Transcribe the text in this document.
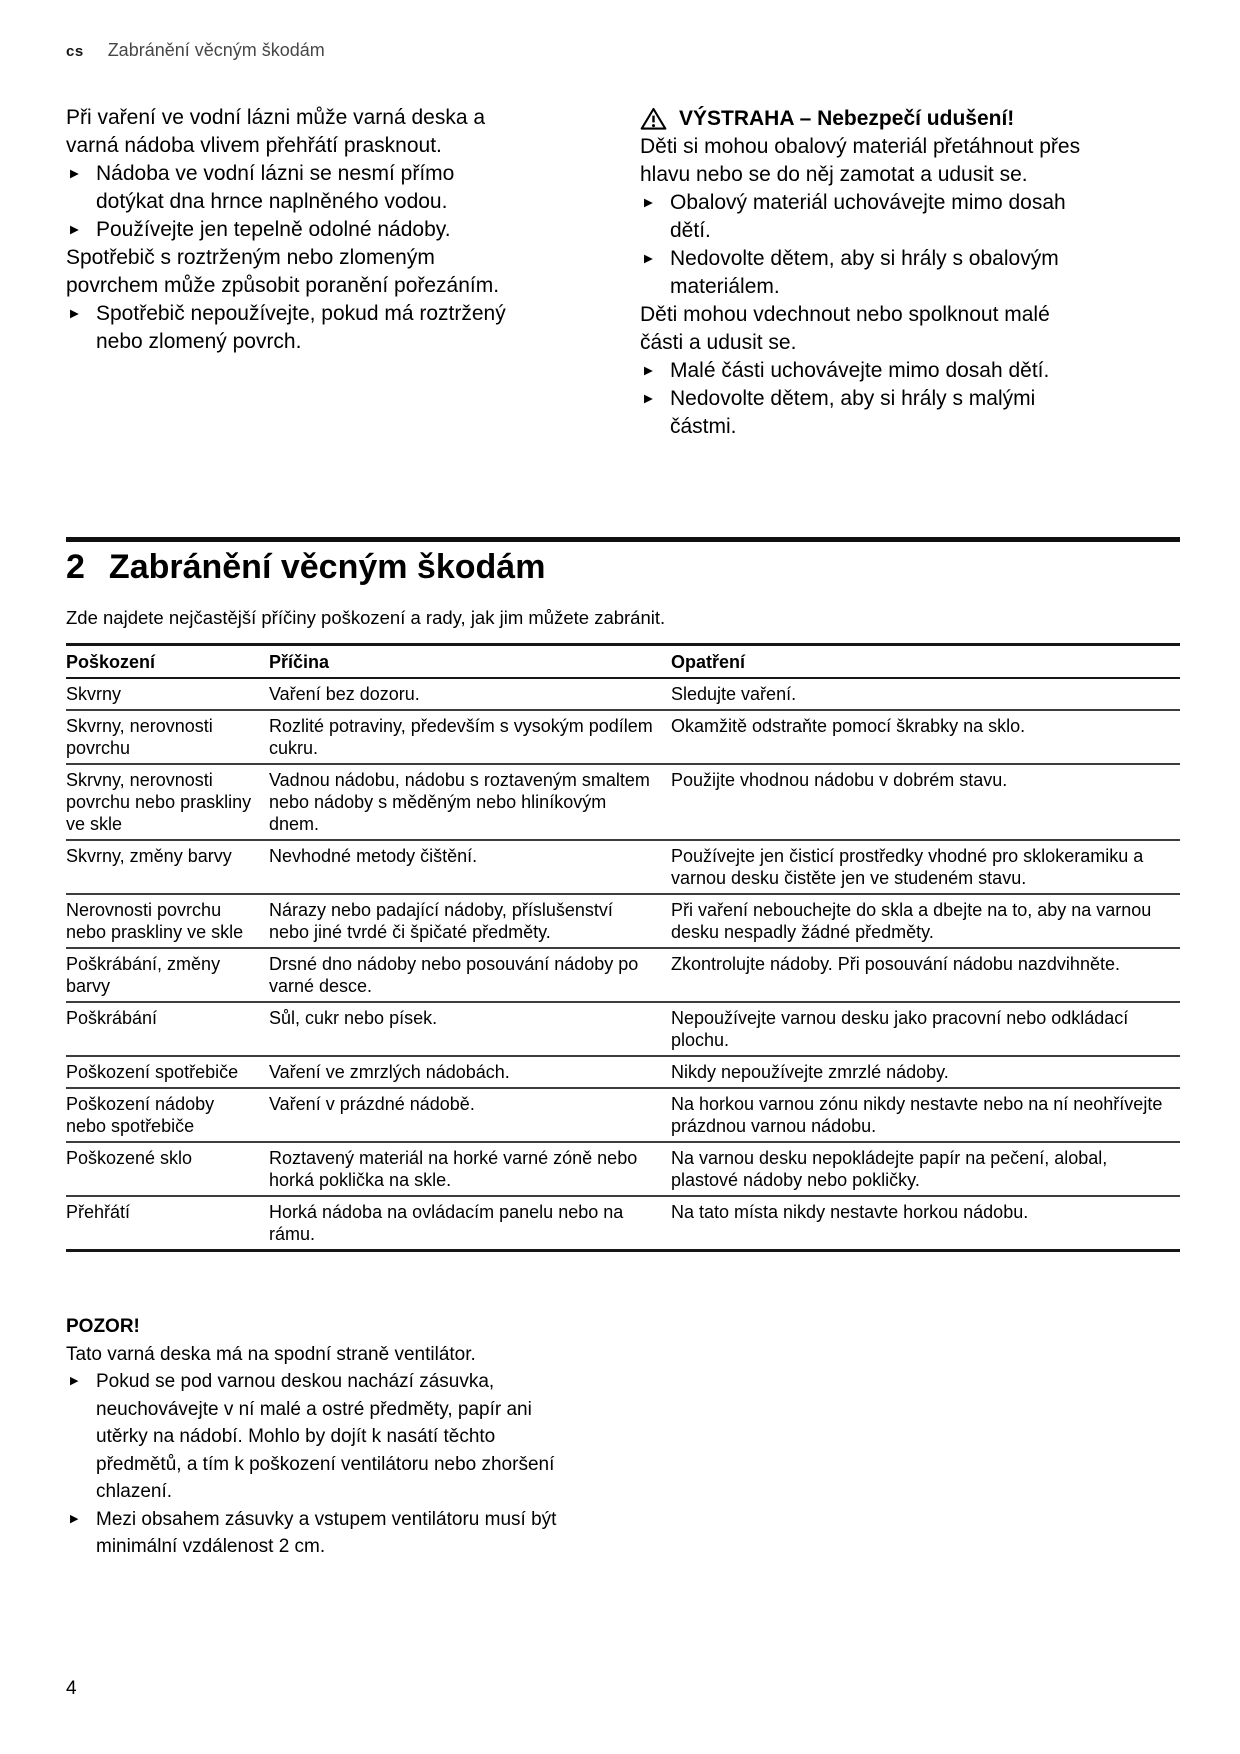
cs Zabránění věcným škodám

Při vaření ve vodní lázni může varná deska a varná nádoba vlivem přehřátí prasknout.

▶ Nádoba ve vodní lázni se nesmí přímo dotýkat dna hrnce naplněného vodou.
▶ Používejte jen tepelně odolné nádoby.

Spotřebič s roztrženým nebo zlomeným povrchem může způsobit poranění pořezáním.

▶ Spotřebič nepoužívejte, pokud má roztržený nebo zlomený povrch.
VÝSTRAHA – Nebezpečí udušení!

Děti si mohou obalový materiál přetáhnout přes hlavu nebo se do něj zamotat a udusit se.

▶ Obalový materiál uchovávejte mimo dosah dětí.
▶ Nedovolte dětem, aby si hrály s obalovým materiálem.

Děti mohou vdechnout nebo spolknout malé části a udusit se.

▶ Malé části uchovávejte mimo dosah dětí.
▶ Nedovolte dětem, aby si hrály s malými částmi.
2 Zabránění věcným škodám

Zde najdete nejčastější příčiny poškození a rady, jak jim můžete zabránit.

Poškození	Příčina	Opatření
Skvrny	Vaření bez dozoru.	Sledujte vaření.
Skvrny, nerovnosti povrchu	Rozlité potraviny, především s vysokým podílem cukru.	Okamžitě odstraňte pomocí škrabky na sklo.
Skrvny, nerovnosti povrchu nebo praskliny ve skle	Vadnou nádobu, nádobu s roztaveným smaltem nebo nádoby s měděným nebo hliníkovým dnem.	Použijte vhodnou nádobu v dobrém stavu.
Skvrny, změny barvy	Nevhodné metody čištění.	Používejte jen čisticí prostředky vhodné pro sklokeramiku a varnou desku čistěte jen ve studeném stavu.
Nerovnosti povrchu nebo praskliny ve skle	Nárazy nebo padající nádoby, příslušenství nebo jiné tvrdé či špičaté předměty.	Při vaření nebouchejte do skla a dbejte na to, aby na varnou desku nespadly žádné předměty.
Poškrábání, změny barvy	Drsné dno nádoby nebo posouvání nádoby po varné desce.	Zkontrolujte nádoby. Při posouvání nádobu nazdvihněte.
Poškrábání	Sůl, cukr nebo písek.	Nepoužívejte varnou desku jako pracovní nebo odkládací plochu.
Poškození spotřebiče	Vaření ve zmrzlých nádobách.	Nikdy nepoužívejte zmrzlé nádoby.
Poškození nádoby nebo spotřebiče	Vaření v prázdné nádobě.	Na horkou varnou zónu nikdy nestavte nebo na ní neohřívejte prázdnou varnou nádobu.
Poškozené sklo	Roztavený materiál na horké varné zóně nebo horká poklička na skle.	Na varnou desku nepokládejte papír na pečení, alobal, plastové nádoby nebo pokličky.
Přehřátí	Horká nádoba na ovládacím panelu nebo na rámu.	Na tato místa nikdy nestavte horkou nádobu.

POZOR!

Tato varná deska má na spodní straně ventilátor.

▶ Pokud se pod varnou deskou nachází zásuvka, neuchovávejte v ní malé a ostré předměty, papír ani utěrky na nádobí. Mohlo by dojít k nasátí těchto předmětů, a tím k poškození ventilátoru nebo zhoršení chlazení.
▶ Mezi obsahem zásuvky a vstupem ventilátoru musí být minimální vzdálenost 2 cm.
4
